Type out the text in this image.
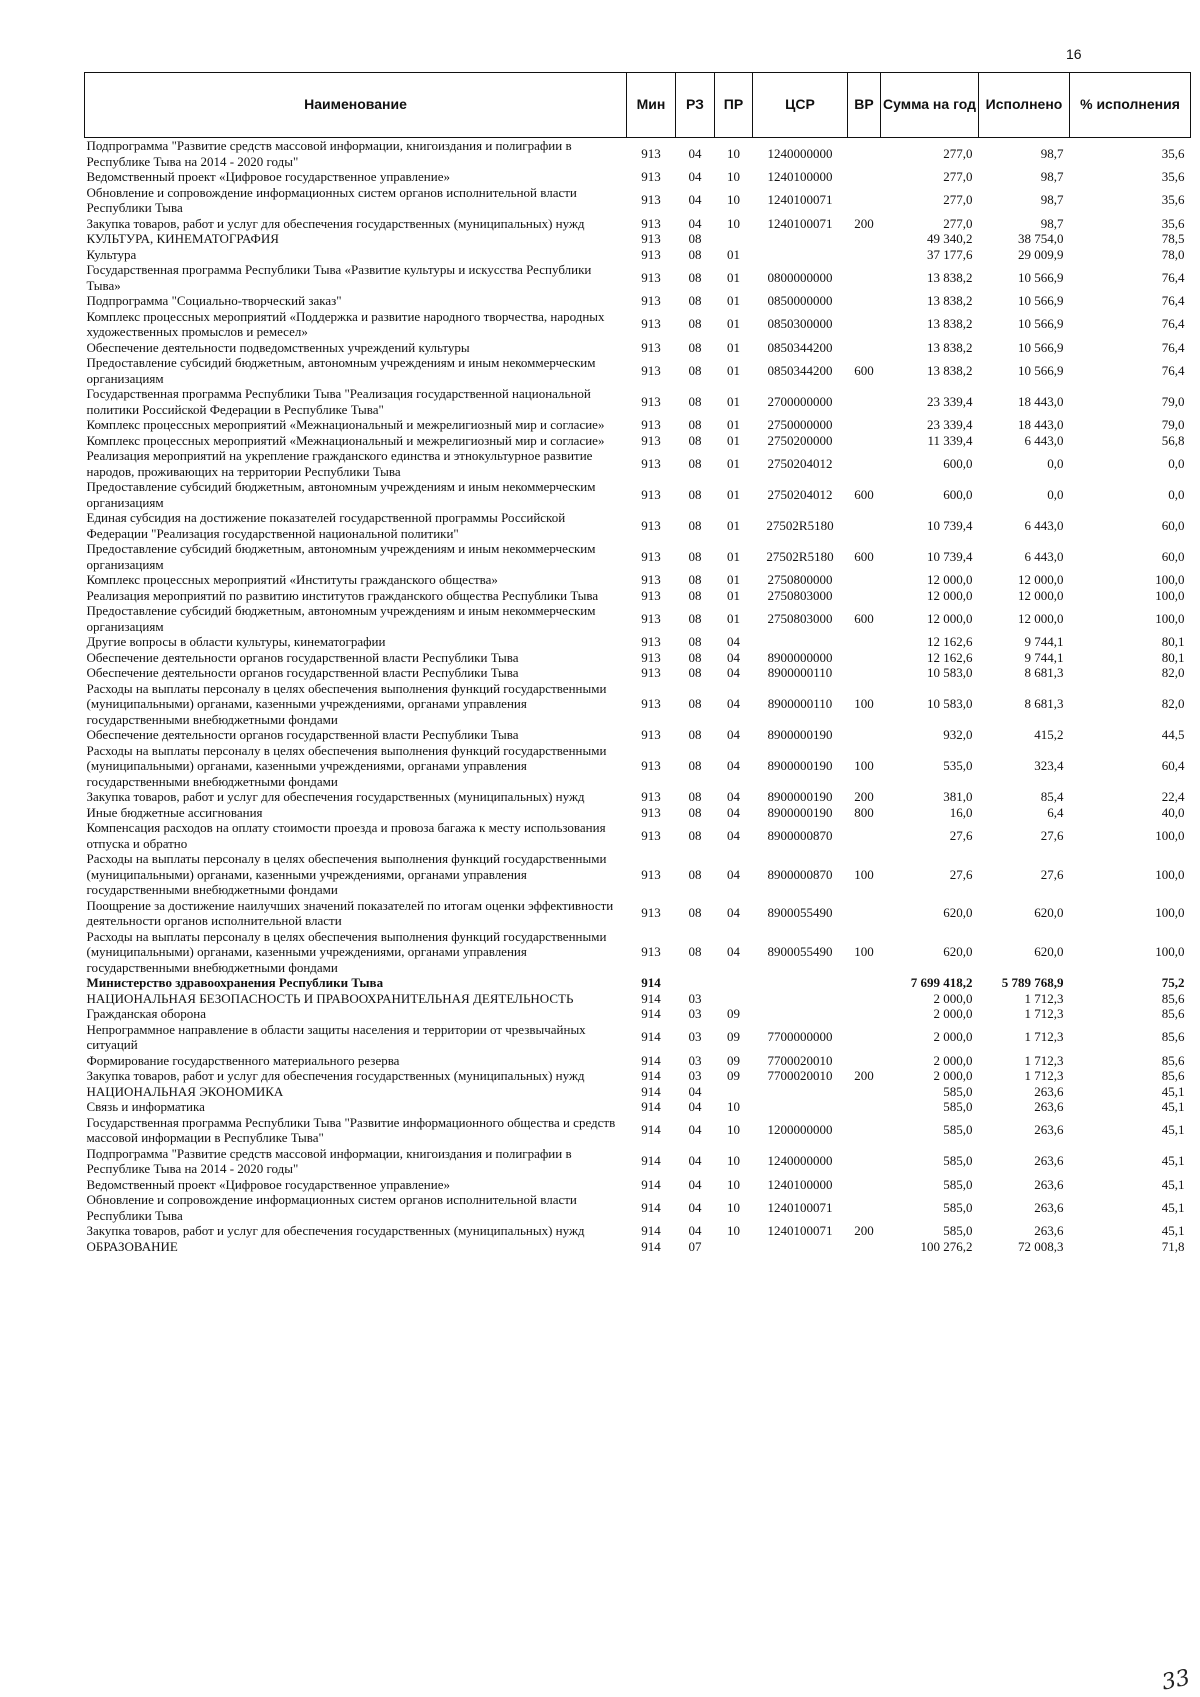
16
Наименование	Мин	РЗ	ПР	ЦСР	ВР	Сумма на год	Исполнено	% исполнения
Подпрограмма "Развитие средств массовой информации, книгоиздания и полиграфии в Республике Тыва на 2014 - 2020 годы"	913	04	10	1240000000		277,0	98,7	35,6
Ведомственный проект «Цифровое государственное управление»	913	04	10	1240100000		277,0	98,7	35,6
Обновление и сопровождение информационных систем органов исполнительной власти Республики Тыва	913	04	10	1240100071		277,0	98,7	35,6
Закупка товаров, работ и услуг для обеспечения государственных (муниципальных) нужд	913	04	10	1240100071	200	277,0	98,7	35,6
КУЛЬТУРА, КИНЕМАТОГРАФИЯ	913	08				49 340,2	38 754,0	78,5
Культура	913	08	01			37 177,6	29 009,9	78,0
Государственная программа Республики Тыва «Развитие культуры и искусства Республики Тыва»	913	08	01	0800000000		13 838,2	10 566,9	76,4
Подпрограмма "Социально-творческий заказ"	913	08	01	0850000000		13 838,2	10 566,9	76,4
Комплекс процессных мероприятий «Поддержка и развитие народного творчества, народных художественных промыслов и ремесел»	913	08	01	0850300000		13 838,2	10 566,9	76,4
Обеспечение деятельности подведомственных учреждений культуры	913	08	01	0850344200		13 838,2	10 566,9	76,4
Предоставление субсидий бюджетным, автономным учреждениям и иным некоммерческим организациям	913	08	01	0850344200	600	13 838,2	10 566,9	76,4
Государственная программа Республики Тыва "Реализация государственной национальной политики Российской Федерации в Республике Тыва"	913	08	01	2700000000		23 339,4	18 443,0	79,0
Комплекс процессных мероприятий «Межнациональный и межрелигиозный мир и согласие»	913	08	01	2750000000		23 339,4	18 443,0	79,0
Комплекс процессных мероприятий «Межнациональный и межрелигиозный мир и согласие»	913	08	01	2750200000		11 339,4	6 443,0	56,8
Реализация мероприятий на укрепление гражданского единства и этнокультурное развитие народов, проживающих на территории Республики Тыва	913	08	01	2750204012		600,0	0,0	0,0
Предоставление субсидий бюджетным, автономным учреждениям и иным некоммерческим организациям	913	08	01	2750204012	600	600,0	0,0	0,0
Единая субсидия на достижение показателей государственной программы Российской Федерации "Реализация государственной национальной политики"	913	08	01	27502R5180		10 739,4	6 443,0	60,0
Предоставление субсидий бюджетным, автономным учреждениям и иным некоммерческим организациям	913	08	01	27502R5180	600	10 739,4	6 443,0	60,0
Комплекс процессных мероприятий «Институты гражданского общества»	913	08	01	2750800000		12 000,0	12 000,0	100,0
Реализация мероприятий по развитию институтов гражданского общества Республики Тыва	913	08	01	2750803000		12 000,0	12 000,0	100,0
Предоставление субсидий бюджетным, автономным учреждениям и иным некоммерческим организациям	913	08	01	2750803000	600	12 000,0	12 000,0	100,0
Другие вопросы в области культуры, кинематографии	913	08	04			12 162,6	9 744,1	80,1
Обеспечение деятельности органов государственной власти Республики Тыва	913	08	04	8900000000		12 162,6	9 744,1	80,1
Обеспечение деятельности органов государственной власти Республики Тыва	913	08	04	8900000110		10 583,0	8 681,3	82,0
Расходы на выплаты персоналу в целях обеспечения выполнения функций государственными (муниципальными) органами, казенными учреждениями, органами управления государственными внебюджетными фондами	913	08	04	8900000110	100	10 583,0	8 681,3	82,0
Обеспечение деятельности органов государственной власти Республики Тыва	913	08	04	8900000190		932,0	415,2	44,5
Расходы на выплаты персоналу в целях обеспечения выполнения функций государственными (муниципальными) органами, казенными учреждениями, органами управления государственными внебюджетными фондами	913	08	04	8900000190	100	535,0	323,4	60,4
Закупка товаров, работ и услуг для обеспечения государственных (муниципальных) нужд	913	08	04	8900000190	200	381,0	85,4	22,4
Иные бюджетные ассигнования	913	08	04	8900000190	800	16,0	6,4	40,0
Компенсация расходов на оплату стоимости проезда и провоза багажа к месту использования отпуска и обратно	913	08	04	8900000870		27,6	27,6	100,0
Расходы на выплаты персоналу в целях обеспечения выполнения функций государственными (муниципальными) органами, казенными учреждениями, органами управления государственными внебюджетными фондами	913	08	04	8900000870	100	27,6	27,6	100,0
Поощрение за достижение наилучших значений показателей по итогам оценки эффективности деятельности органов исполнительной власти	913	08	04	8900055490		620,0	620,0	100,0
Расходы на выплаты персоналу в целях обеспечения выполнения функций государственными (муниципальными) органами, казенными учреждениями, органами управления государственными внебюджетными фондами	913	08	04	8900055490	100	620,0	620,0	100,0
Министерство здравоохранения Республики Тыва	914					7 699 418,2	5 789 768,9	75,2
НАЦИОНАЛЬНАЯ БЕЗОПАСНОСТЬ И ПРАВООХРАНИТЕЛЬНАЯ ДЕЯТЕЛЬНОСТЬ	914	03				2 000,0	1 712,3	85,6
Гражданская оборона	914	03	09			2 000,0	1 712,3	85,6
Непрограммное направление в области защиты населения и территории от чрезвычайных ситуаций	914	03	09	7700000000		2 000,0	1 712,3	85,6
Формирование государственного материального резерва	914	03	09	7700020010		2 000,0	1 712,3	85,6
Закупка товаров, работ и услуг для обеспечения государственных (муниципальных) нужд	914	03	09	7700020010	200	2 000,0	1 712,3	85,6
НАЦИОНАЛЬНАЯ ЭКОНОМИКА	914	04				585,0	263,6	45,1
Связь и информатика	914	04	10			585,0	263,6	45,1
Государственная программа Республики Тыва "Развитие информационного общества и средств массовой информации в Республике Тыва"	914	04	10	1200000000		585,0	263,6	45,1
Подпрограмма "Развитие средств массовой информации, книгоиздания и полиграфии в Республике Тыва на 2014 - 2020 годы"	914	04	10	1240000000		585,0	263,6	45,1
Ведомственный проект «Цифровое государственное управление»	914	04	10	1240100000		585,0	263,6	45,1
Обновление и сопровождение информационных систем органов исполнительной власти Республики Тыва	914	04	10	1240100071		585,0	263,6	45,1
Закупка товаров, работ и услуг для обеспечения государственных (муниципальных) нужд	914	04	10	1240100071	200	585,0	263,6	45,1
ОБРАЗОВАНИЕ	914	07				100 276,2	72 008,3	71,8
33
